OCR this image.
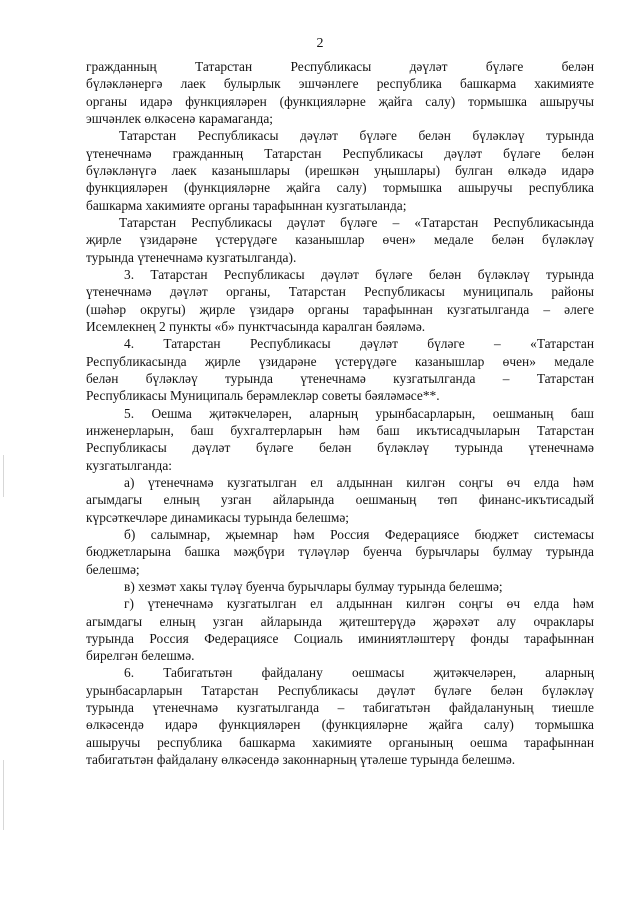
2
гражданның Татарстан Республикасы дәүләт бүләге белән
бүләкләнергә лаек булырлык эшчәнлеге республика башкарма хакимияте
органы идарә функцияләрен (функцияләрне җайга салу) тормышка ашыручы
эшчәнлек өлкәсенә карамаганда;
Татарстан Республикасы дәүләт бүләге белән бүләкләү турында
үтенечнамә гражданның Татарстан Республикасы дәүләт бүләге белән
бүләкләнүгә лаек казанышлары (ирешкән уңышлары) булган өлкәдә идарә
функцияләрен (функцияләрне җайга салу) тормышка ашыручы республика
башкарма хакимияте органы тарафыннан кузгатыланда;
Татарстан Республикасы дәүләт бүләге – «Татарстан Республикасында
җирле үзидарәне үстерүдәге казанышлар өчен» медале белән бүләкләү
турында үтенечнамә кузгатылганда).
3. Татарстан Республикасы дәүләт бүләге белән бүләкләү турында
үтенечнамә дәүләт органы, Татарстан Республикасы муниципаль районы
(шәһәр округы) җирле үзидарә органы тарафыннан кузгатылганда – әлеге
Исемлекнең 2 пункты «б» пунктчасында каралган бәяләмә.
4. Татарстан Республикасы дәүләт бүләге – «Татарстан
Республикасында җирле үзидарәне үстерүдәге казанышлар өчен» медале
белән бүләкләү турында үтенечнамә кузгатылганда – Татарстан
Республикасы Муниципаль берәмлекләр советы бәяләмәсе**.
5. Оешма җитәкчеләрен, аларның урынбасарларын, оешманың баш
инженерларын, баш бухгалтерларын һәм баш икътисадчыларын Татарстан
Республикасы дәүләт бүләге белән бүләкләү турында үтенечнамә
кузгатылганда:
а) үтенечнамә кузгатылган ел алдыннан килгән соңгы өч елда һәм
агымдагы елның узган айларында оешманың төп финанс-икътисадый
күрсәткечләре динамикасы турында белешмә;
б) салымнар, җыемнар һәм Россия Федерациясе бюджет системасы
бюджетларына башка мәҗбүри түләүләр буенча бурычлары булмау турында
белешмә;
в) хезмәт хакы түләү буенча бурычлары булмау турында белешмә;
г) үтенечнамә кузгатылган ел алдыннан килгән соңгы өч елда һәм
агымдагы елның узган айларында җитештерүдә җәрәхәт алу очраклары
турында Россия Федерациясе Социаль иминиятләштерү фонды тарафыннан
бирелгән белешмә.
6. Табигатьтән файдалану оешмасы җитәкчеләрен, аларның
урынбасарларын Татарстан Республикасы дәүләт бүләге белән бүләкләү
турында үтенечнамә кузгатылганда – табигатьтән файдалануның тиешле
өлкәсендә идарә функцияләрен (функцияләрне җайга салу) тормышка
ашыручы республика башкарма хакимияте органының оешма тарафыннан
табигатьтән файдалану өлкәсендә законнарның үтәлеше турында белешмә.
